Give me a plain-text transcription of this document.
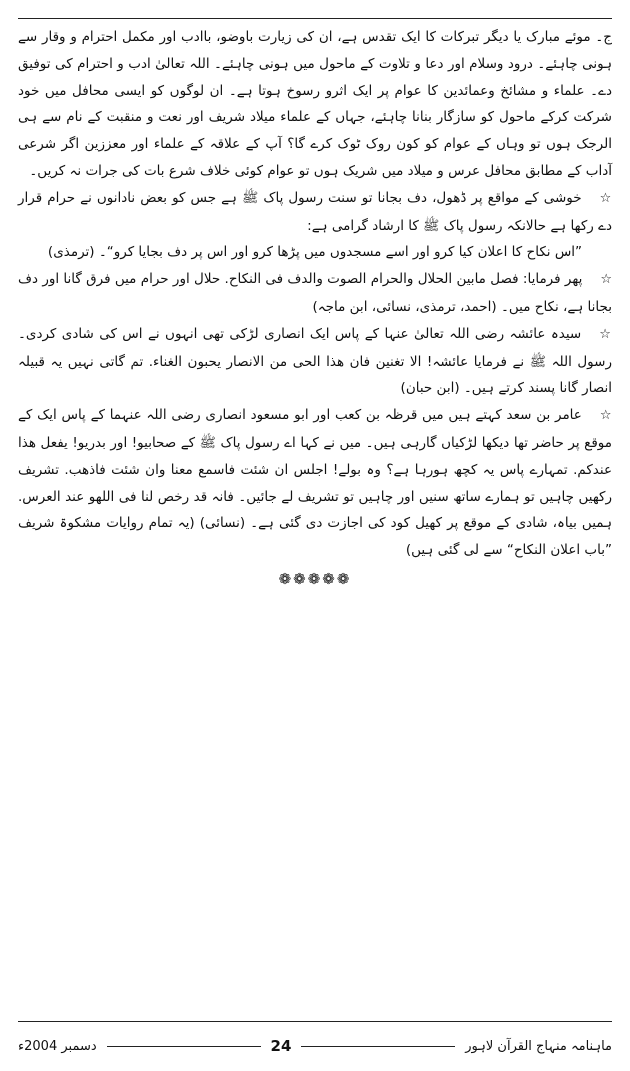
ج۔ موئے مبارک یا دیگر تبرکات کا ایک تقدس ہے، ان کی زیارت باوضو، باادب اور مکمل احترام و وقار سے ہونی چاہئے۔ درود وسلام اور دعا و تلاوت کے ماحول میں ہونی چاہئے۔ اللہ تعالیٰ ادب و احترام کی توفیق دے۔ علماء و مشائخ وعمائدین کا عوام پر ایک اثرو رسوخ ہوتا ہے۔ ان لوگوں کو ایسی محافل میں خود شرکت کرکے ماحول کو سازگار بنانا چاہئے، جہاں کے علماء میلاد شریف اور نعت و منقبت کے نام سے ہی الرجک ہوں تو وہاں کے عوام کو کون روک ٹوک کرے گا؟ آپ کے علاقہ کے علماء اور معززین اگر شرعی آداب کے مطابق محافل عرس و میلاد میں شریک ہوں تو عوام کوئی خلاف شرع بات کی جرات نہ کریں۔

☆ خوشی کے مواقع پر ڈھول، دف بجانا تو سنت رسول پاک ﷺ ہے جس کو بعض نادانوں نے حرام قرار دے رکھا ہے حالانکہ رسول پاک ﷺ کا ارشاد گرامی ہے:

”اس نکاح کا اعلان کیا کرو اور اسے مسجدوں میں پڑھا کرو اور اس پر دف بجایا کرو“۔ (ترمذی)

☆ پھر فرمایا: فصل مابین الحلال والحرام الصوت والدف فی النکاح. حلال اور حرام میں فرق گانا اور دف بجانا ہے، نکاح میں۔ (احمد، ترمذی، نسائی، ابن ماجہ)

☆ سیدہ عائشہ رضی اللہ تعالیٰ عنہا کے پاس ایک انصاری لڑکی تھی انہوں نے اس کی شادی کردی۔ رسول اللہ ﷺ نے فرمایا عائشہ! الا تغنین فان ھذا الحی من الانصار یحبون الغناء. تم گاتی نہیں یہ قبیلہ انصار گانا پسند کرتے ہیں۔ (ابن حبان)

☆ عامر بن سعد کہتے ہیں میں قرظہ بن کعب اور ابو مسعود انصاری رضی اللہ عنہما کے پاس ایک کے موقع پر حاضر تھا دیکھا لڑکیاں گارہی ہیں۔ میں نے کہا اے رسول پاک ﷺ کے صحابیو! اور بدریو! یفعل ھذا عندکم. تمہارے پاس یہ کچھ ہورہا ہے؟ وہ بولے! اجلس ان شئت فاسمع معنا وان شئت فاذھب. تشریف رکھیں چاہیں تو ہمارے ساتھ سنیں اور چاہیں تو تشریف لے جائیں۔ فانہ قد رخص لنا فی اللھو عند العرس. ہمیں بیاہ، شادی کے موقع پر کھیل کود کی اجازت دی گئی ہے۔ (نسائی) (یہ تمام روایات مشکوۃ شریف ”باب اعلان النکاح“ سے لی گئی ہیں)

❁❁❁❁❁
دسمبر 2004ء	24	ماہنامہ منہاج القرآن لاہور
